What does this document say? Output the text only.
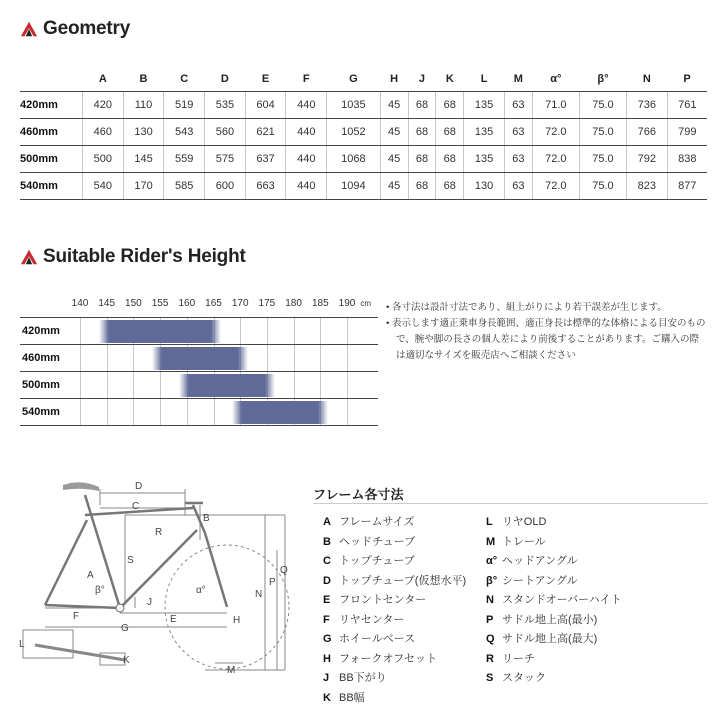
Geometry
	A	B	C	D	E	F	G	H	J	K	L	M	α°	β°	N	P
420mm	420	110	519	535	604	440	1035	45	68	68	135	63	71.0	75.0	736	761
460mm	460	130	543	560	621	440	1052	45	68	68	135	63	72.0	75.0	766	799
500mm	500	145	559	575	637	440	1068	45	68	68	135	63	72.0	75.0	792	838
540mm	540	170	585	600	663	440	1094	45	68	68	130	63	72.0	75.0	823	877
Suitable Rider's Height
140 145 150 155 160 165 170 175 180 185 190 cm
420mm
460mm
500mm
540mm

• 各寸法は設計寸法であり、組上がりにより若干誤差が生じます。

• 表示します適正乗車身長範囲、適正身長は標準的な体格による目安のもので、腕や脚の長さの個人差により前後することがあります。ご購入の際は適切なサイズを販売店へご相談ください

D
C
B
R
S
A
β°	α°	N
P
Q
F
J
E
G
H
L
K
M
フレーム各寸法
A フレームサイズ
B ヘッドチューブ
C トップチューブ
D トップチューブ(仮想水平)
E フロントセンター
F リヤセンター
G ホイールベース
H フォークオフセット
J BB下がり
K BB幅
L リヤOLD
M トレール
α° ヘッドアングル
β° シートアングル
N スタンドオーバーハイト
P サドル地上高(最小)
Q サドル地上高(最大)
R リーチ
S スタック
